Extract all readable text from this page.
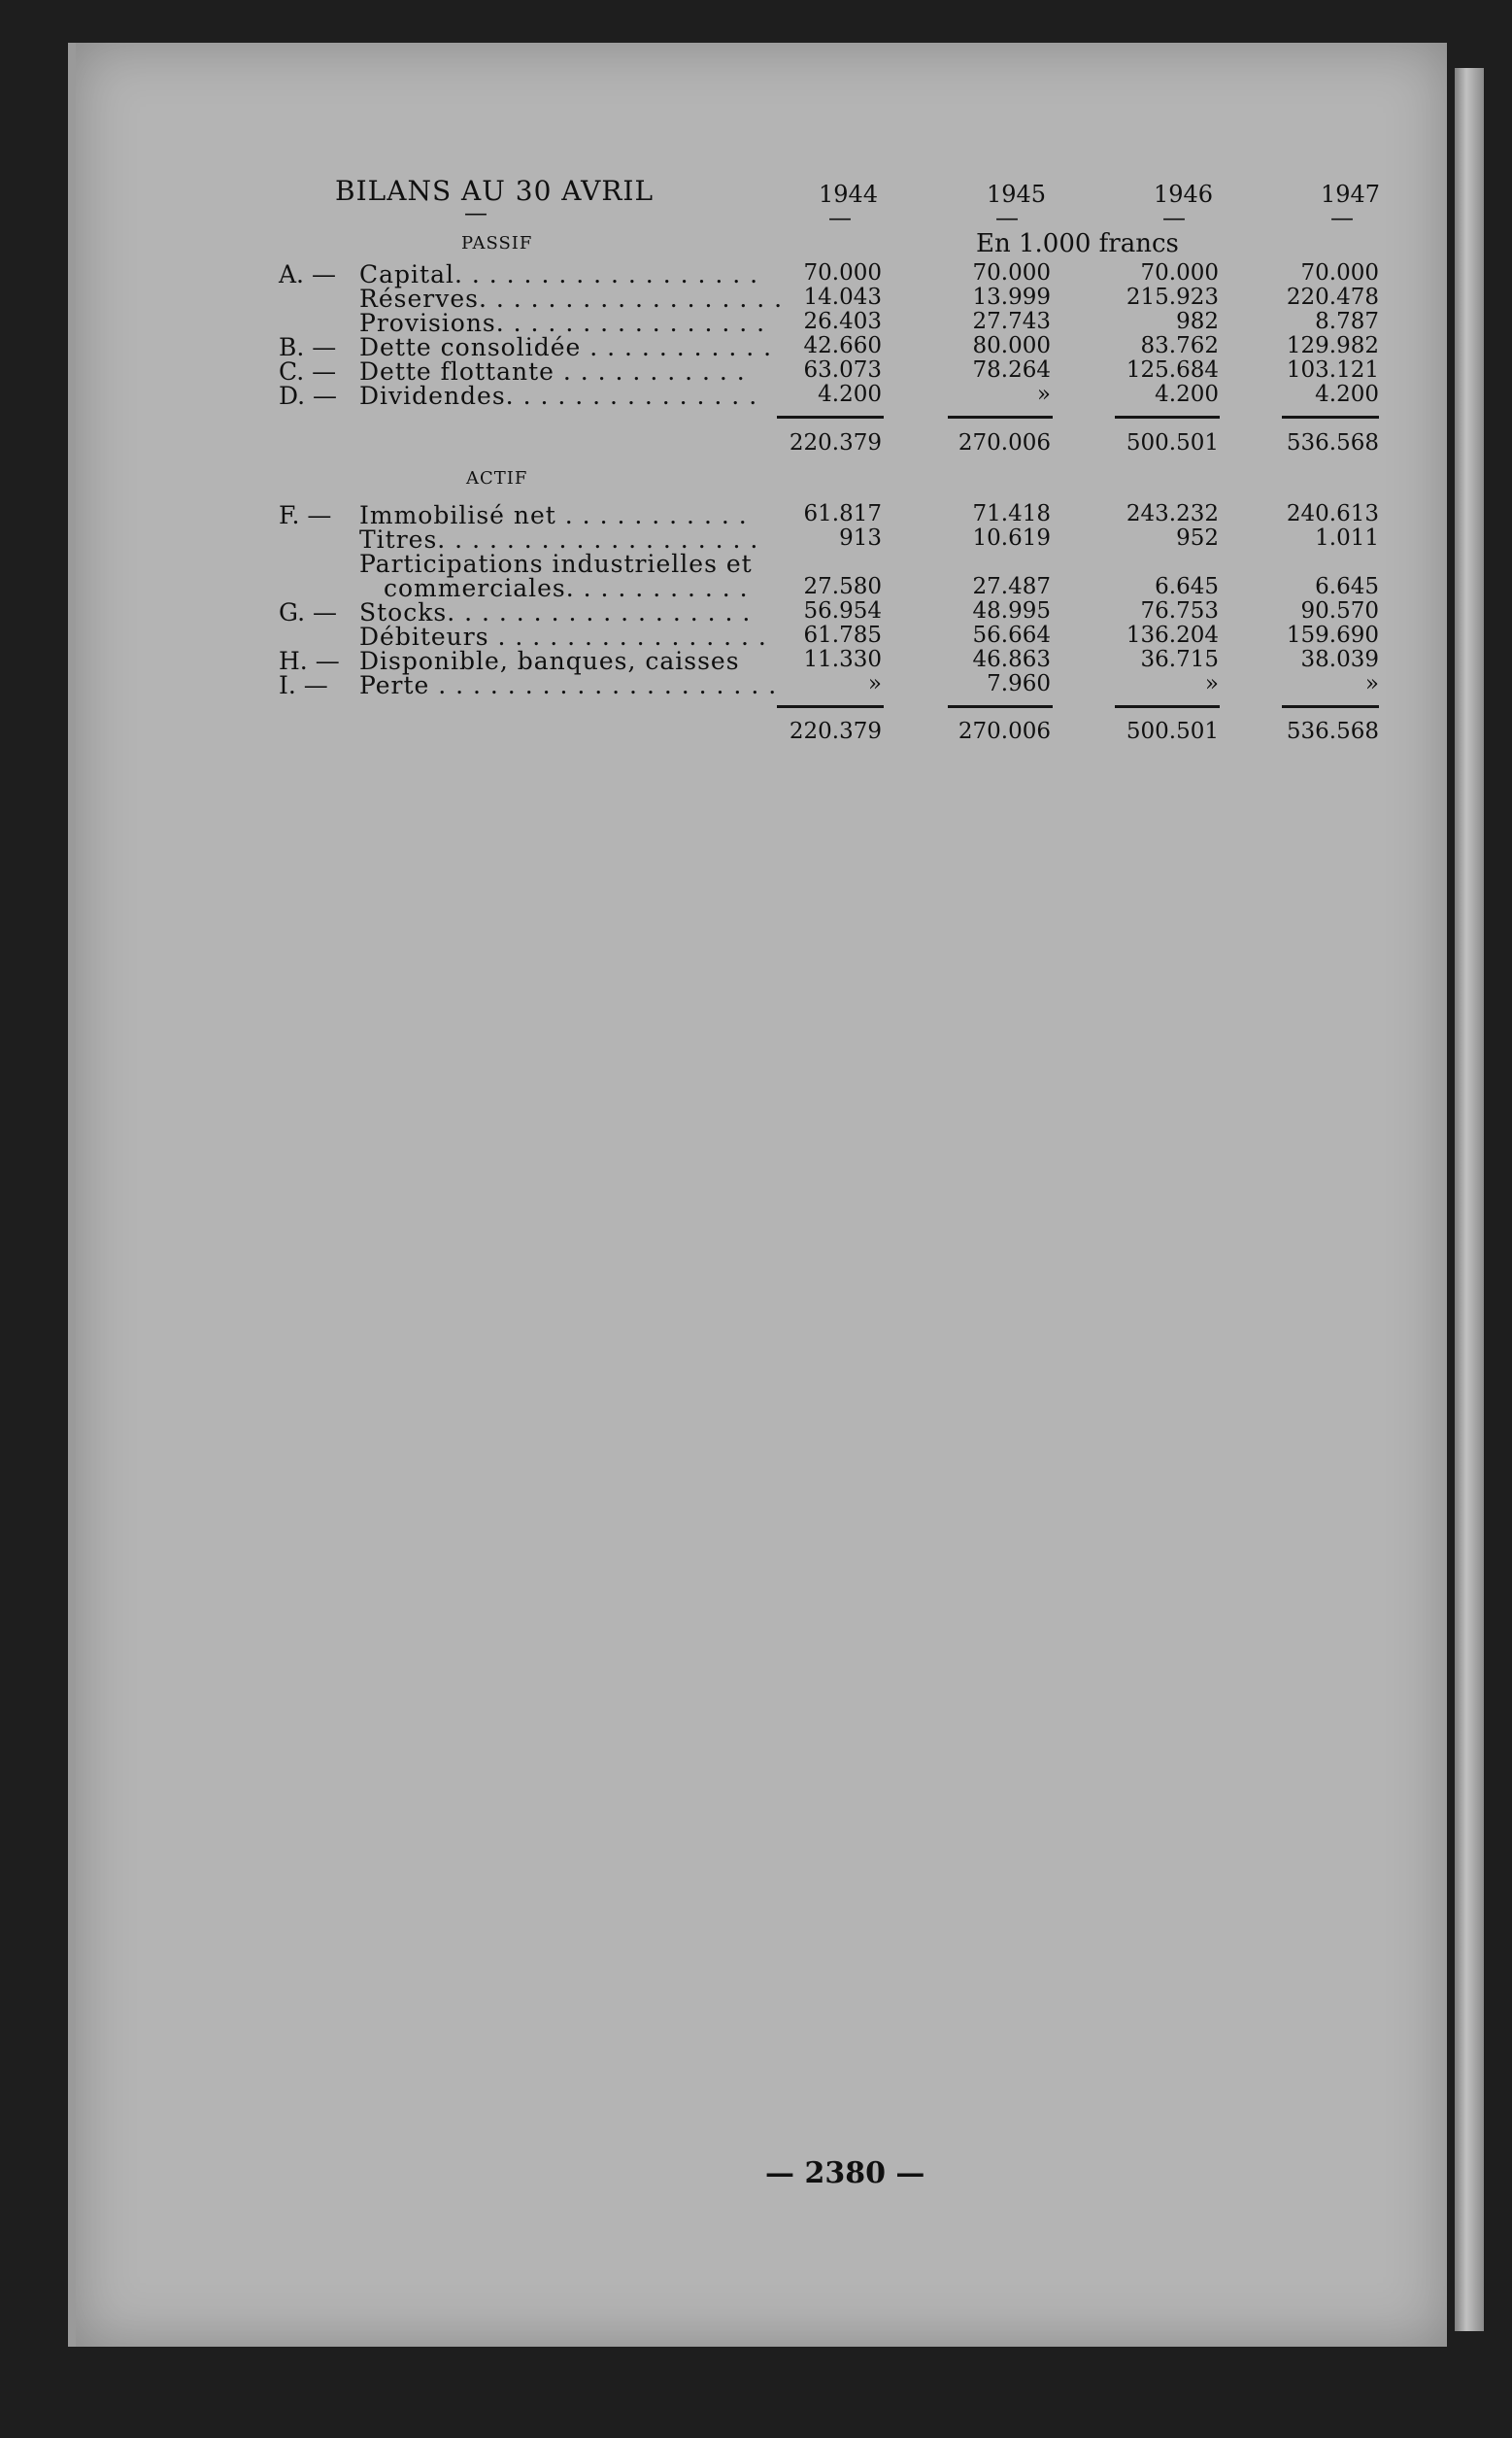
BILANS AU 30 AVRIL
—
1944	1945	1946	1947
—	—	—	—
En 1.000 francs
PASSIF
ACTIF
— 2380 —
A. — Capital. . . . . . . . . . . . . . . . . .	70.000	70.000	70.000	70.000
Réserves. . . . . . . . . . . . . . . . . . 14.043	13.999	215.923	220.478
Provisions. . . . . . . . . . . . . . . .	26.403	27.743	982	8.787
B. — Dette consolidée . . . . . . . . . . .	42.660	80.000	83.762	129.982
C. — Dette flottante . . . . . . . . . . .	63.073	78.264	125.684	103.121
D. — Dividendes. . . . . . . . . . . . . . .	4.200	»	4.200	4.200
220.379	270.006	500.501	536.568
F. — Immobilisé net . . . . . . . . . . .	61.817	71.418	243.232	240.613
Titres. . . . . . . . . . . . . . . . . . .	913	10.619	952	1.011
Participations industrielles et
commerciales. . . . . . . . . . .	27.580	27.487	6.645	6.645
G. — Stocks. . . . . . . . . . . . . . . . . .	56.954	48.995	76.753	90.570
Débiteurs . . . . . . . . . . . . . . . .	61.785	56.664	136.204	159.690
H. — Disponible, banques, caisses	11.330	46.863	36.715	38.039
I. — Perte . . . . . . . . . . . . . . . . . . . .	»	7.960	»	»
220.379	270.006	500.501	536.568
